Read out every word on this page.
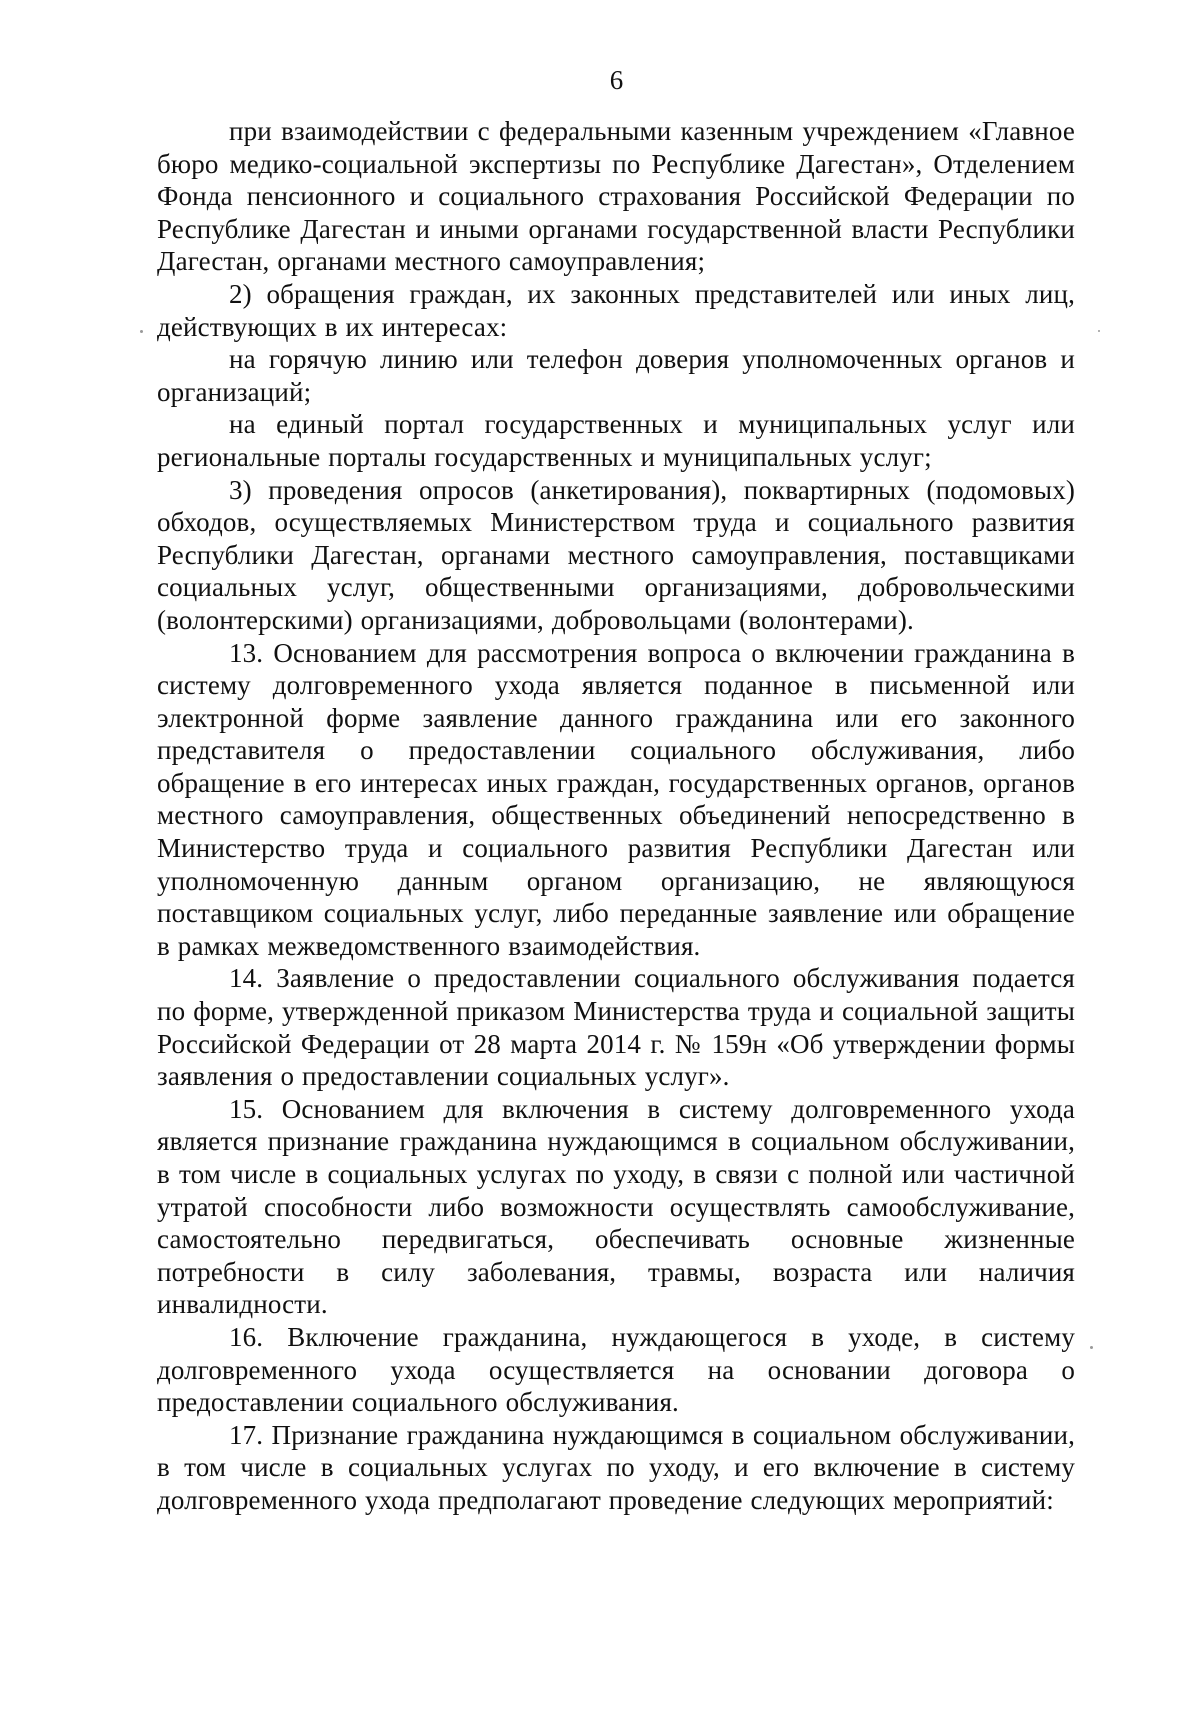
6

при взаимодействии с федеральными казенным учреждением «Главное бюро медико-социальной экспертизы по Республике Дагестан», Отделением Фонда пенсионного и социального страхования Российской Федерации по Республике Дагестан и иными органами государственной власти Республики Дагестан, органами местного самоуправления;

2) обращения граждан, их законных представителей или иных лиц, действующих в их интересах:

на горячую линию или телефон доверия уполномоченных органов и организаций;

на единый портал государственных и муниципальных услуг или региональные порталы государственных и муниципальных услуг;

3) проведения опросов (анкетирования), поквартирных (подомовых) обходов, осуществляемых Министерством труда и социального развития Республики Дагестан, органами местного самоуправления, поставщиками социальных услуг, общественными организациями, добровольческими (волонтерскими) организациями, добровольцами (волонтерами).

13. Основанием для рассмотрения вопроса о включении гражданина в систему долговременного ухода является поданное в письменной или электронной форме заявление данного гражданина или его законного представителя о предоставлении социального обслуживания, либо обращение в его интересах иных граждан, государственных органов, органов местного самоуправления, общественных объединений непосредственно в Министерство труда и социального развития Республики Дагестан или уполномоченную данным органом организацию, не являющуюся поставщиком социальных услуг, либо переданные заявление или обращение в рамках межведомственного взаимодействия.

14. Заявление о предоставлении социального обслуживания подается по форме, утвержденной приказом Министерства труда и социальной защиты Российской Федерации от 28 марта 2014 г. № 159н «Об утверждении формы заявления о предоставлении социальных услуг».

15. Основанием для включения в систему долговременного ухода является признание гражданина нуждающимся в социальном обслуживании, в том числе в социальных услугах по уходу, в связи с полной или частичной утратой способности либо возможности осуществлять самообслуживание, самостоятельно передвигаться, обеспечивать основные жизненные потребности в силу заболевания, травмы, возраста или наличия инвалидности.

16. Включение гражданина, нуждающегося в уходе, в систему долговременного ухода осуществляется на основании договора о предоставлении социального обслуживания.

17. Признание гражданина нуждающимся в социальном обслуживании, в том числе в социальных услугах по уходу, и его включение в систему долговременного ухода предполагают проведение следующих мероприятий:
